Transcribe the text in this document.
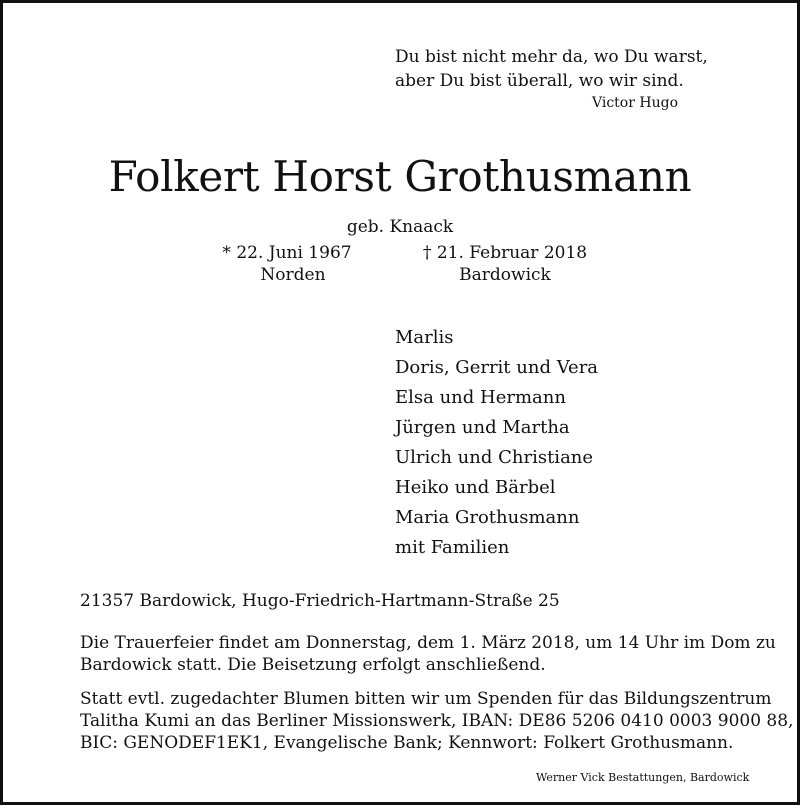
Du bist nicht mehr da, wo Du warst,

aber Du bist überall, wo wir sind.

Victor Hugo

Folkert Horst Grothusmann

geb. Knaack

* 22. Juni 1967

Norden

† 21. Februar 2018

Bardowick

Marlis
Doris, Gerrit und Vera
Elsa und Hermann
Jürgen und Martha
Ulrich und Christiane
Heiko und Bärbel
Maria Grothusmann
mit Familien

21357 Bardowick, Hugo-Friedrich-Hartmann-Straße 25

Die Trauerfeier findet am Donnerstag, dem 1. März 2018, um 14 Uhr im Dom zu

Bardowick statt. Die Beisetzung erfolgt anschließend.

Statt evtl. zugedachter Blumen bitten wir um Spenden für das Bildungszentrum

Talitha Kumi an das Berliner Missionswerk, IBAN: DE86 5206 0410 0003 9000 88,

BIC: GENODEF1EK1, Evangelische Bank; Kennwort: Folkert Grothusmann.

Werner Vick Bestattungen, Bardowick
